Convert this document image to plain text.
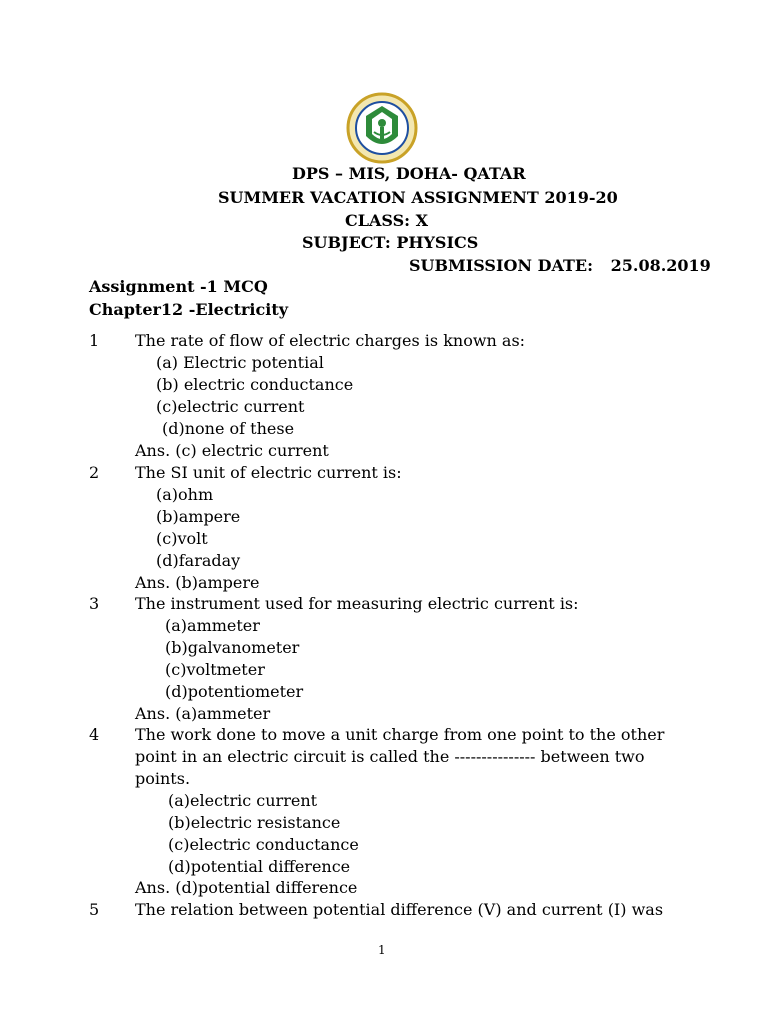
DPS – MIS, DOHA- QATAR
SUMMER VACATION ASSIGNMENT 2019-20
CLASS: X
SUBJECT: PHYSICS
SUBMISSION DATE: 25.08.2019
Assignment -1 MCQ
Chapter12 -Electricity
1 The rate of flow of electric charges is known as:
(a) Electric potential
(b) electric conductance
(c)electric current
(d)none of these
Ans. (c) electric current
2 The SI unit of electric current is:
(a)ohm
(b)ampere
(c)volt
(d)faraday
Ans. (b)ampere
3 The instrument used for measuring electric current is:
(a)ammeter
(b)galvanometer
(c)voltmeter
(d)potentiometer
Ans. (a)ammeter
4 The work done to move a unit charge from one point to the other
point in an electric circuit is called the --------------- between two
points.
(a)electric current
(b)electric resistance
(c)electric conductance
(d)potential difference
Ans. (d)potential difference
5 The relation between potential difference (V) and current (I) was
1
